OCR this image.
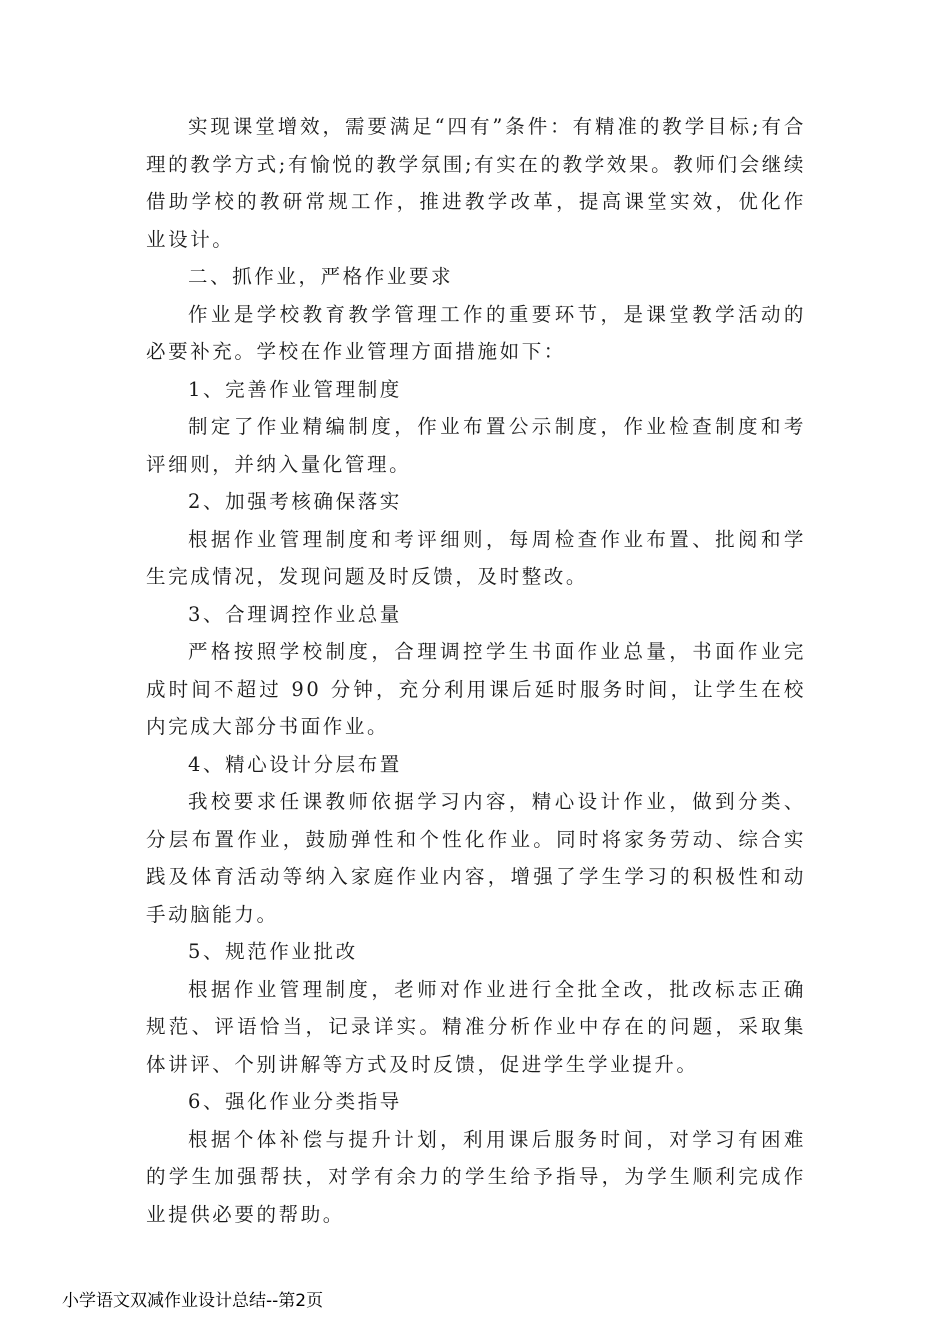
实现课堂增效，需要满足“四有”条件：有精准的教学目标;有合理的教学方式;有愉悦的教学氛围;有实在的教学效果。教师们会继续借助学校的教研常规工作，推进教学改革，提高课堂实效，优化作业设计。

二、抓作业，严格作业要求

作业是学校教育教学管理工作的重要环节，是课堂教学活动的必要补充。学校在作业管理方面措施如下：

1、完善作业管理制度

制定了作业精编制度，作业布置公示制度，作业检查制度和考评细则，并纳入量化管理。

2、加强考核确保落实

根据作业管理制度和考评细则，每周检查作业布置、批阅和学生完成情况，发现问题及时反馈，及时整改。

3、合理调控作业总量

严格按照学校制度，合理调控学生书面作业总量，书面作业完成时间不超过 90 分钟，充分利用课后延时服务时间，让学生在校内完成大部分书面作业。

4、精心设计分层布置

我校要求任课教师依据学习内容，精心设计作业，做到分类、分层布置作业，鼓励弹性和个性化作业。同时将家务劳动、综合实践及体育活动等纳入家庭作业内容，增强了学生学习的积极性和动手动脑能力。

5、规范作业批改

根据作业管理制度，老师对作业进行全批全改，批改标志正确规范、评语恰当，记录详实。精准分析作业中存在的问题，采取集体讲评、个别讲解等方式及时反馈，促进学生学业提升。

6、强化作业分类指导

根据个体补偿与提升计划，利用课后服务时间，对学习有困难的学生加强帮扶，对学有余力的学生给予指导，为学生顺利完成作业提供必要的帮助。

小学语文双减作业设计总结--第2页
